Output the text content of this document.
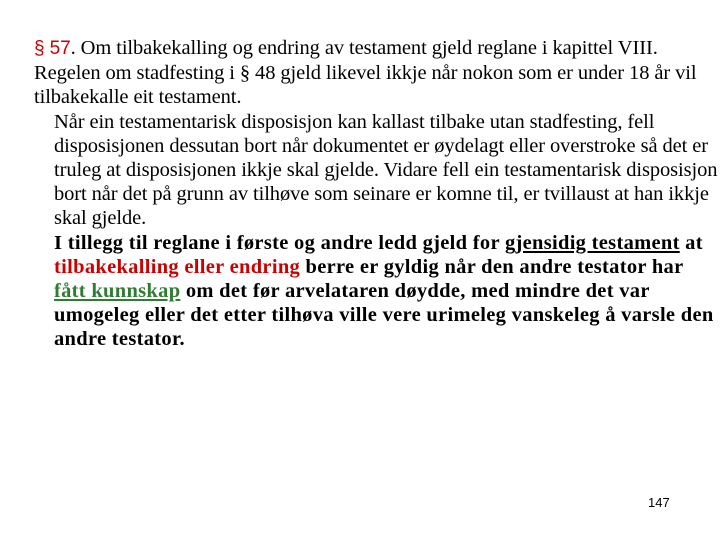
§ 57. Om tilbakekalling og endring av testament gjeld reglane i kapittel VIII. Regelen om stadfesting i § 48 gjeld likevel ikkje når nokon som er under 18 år vil tilbakekalle eit testament.

Når ein testamentarisk disposisjon kan kallast tilbake utan stadfesting, fell disposisjonen dessutan bort når dokumentet er øydelagt eller overstroke så det er truleg at disposisjonen ikkje skal gjelde. Vidare fell ein testamentarisk disposisjon bort når det på grunn av tilhøve som seinare er komne til, er tvillaust at han ikkje skal gjelde.

I tillegg til reglane i første og andre ledd gjeld for gjensidig testament at tilbakekalling eller endring berre er gyldig når den andre testator har fått kunnskap om det før arvelataren døydde, med mindre det var umogeleg eller det etter tilhøva ville vere urimeleg vanskeleg å varsle den andre testator.

147
